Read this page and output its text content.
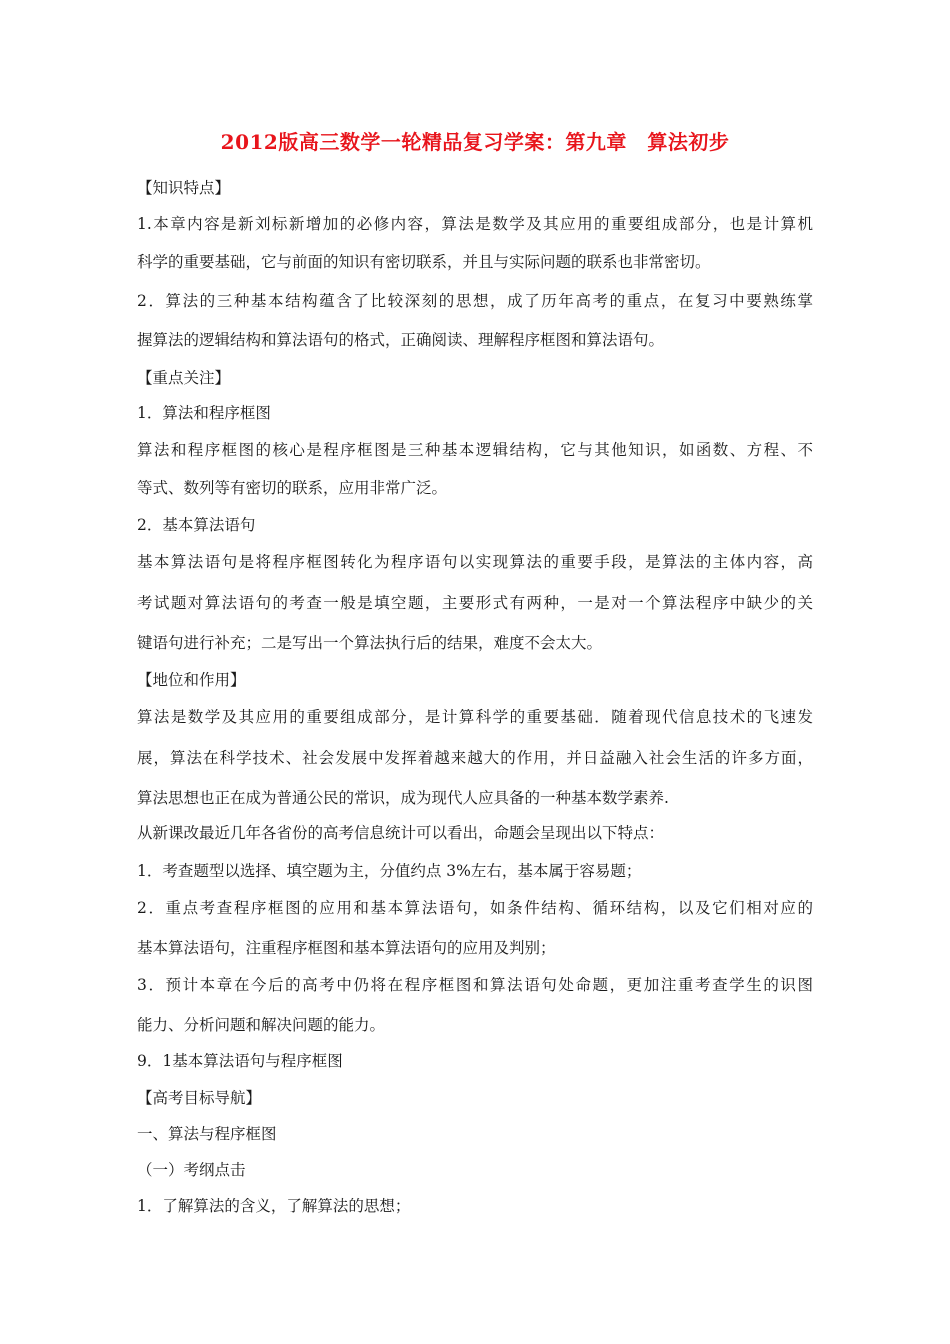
2012版高三数学一轮精品复习学案：第九章　算法初步
【知识特点】
1.本章内容是新刘标新增加的必修内容，算法是数学及其应用的重要组成部分，也是计算机
科学的重要基础，它与前面的知识有密切联系，并且与实际问题的联系也非常密切。
2．算法的三种基本结构蕴含了比较深刻的思想，成了历年高考的重点，在复习中要熟练掌
握算法的逻辑结构和算法语句的格式，正确阅读、理解程序框图和算法语句。
【重点关注】
1．算法和程序框图
算法和程序框图的核心是程序框图是三种基本逻辑结构，它与其他知识，如函数、方程、不
等式、数列等有密切的联系，应用非常广泛。
2．基本算法语句
基本算法语句是将程序框图转化为程序语句以实现算法的重要手段，是算法的主体内容，高
考试题对算法语句的考查一般是填空题，主要形式有两种，一是对一个算法程序中缺少的关
键语句进行补充；二是写出一个算法执行后的结果，难度不会太大。
【地位和作用】
算法是数学及其应用的重要组成部分，是计算科学的重要基础．随着现代信息技术的飞速发
展，算法在科学技术、社会发展中发挥着越来越大的作用，并日益融入社会生活的许多方面，
算法思想也正在成为普通公民的常识，成为现代人应具备的一种基本数学素养.
从新课改最近几年各省份的高考信息统计可以看出，命题会呈现出以下特点：
1．考查题型以选择、填空题为主，分值约点 3%左右，基本属于容易题；
2．重点考查程序框图的应用和基本算法语句，如条件结构、循环结构，以及它们相对应的
基本算法语句，注重程序框图和基本算法语句的应用及判别；
3．预计本章在今后的高考中仍将在程序框图和算法语句处命题，更加注重考查学生的识图
能力、分析问题和解决问题的能力。
9．1基本算法语句与程序框图
【高考目标导航】
一、算法与程序框图
（一）考纲点击
1．了解算法的含义，了解算法的思想；
